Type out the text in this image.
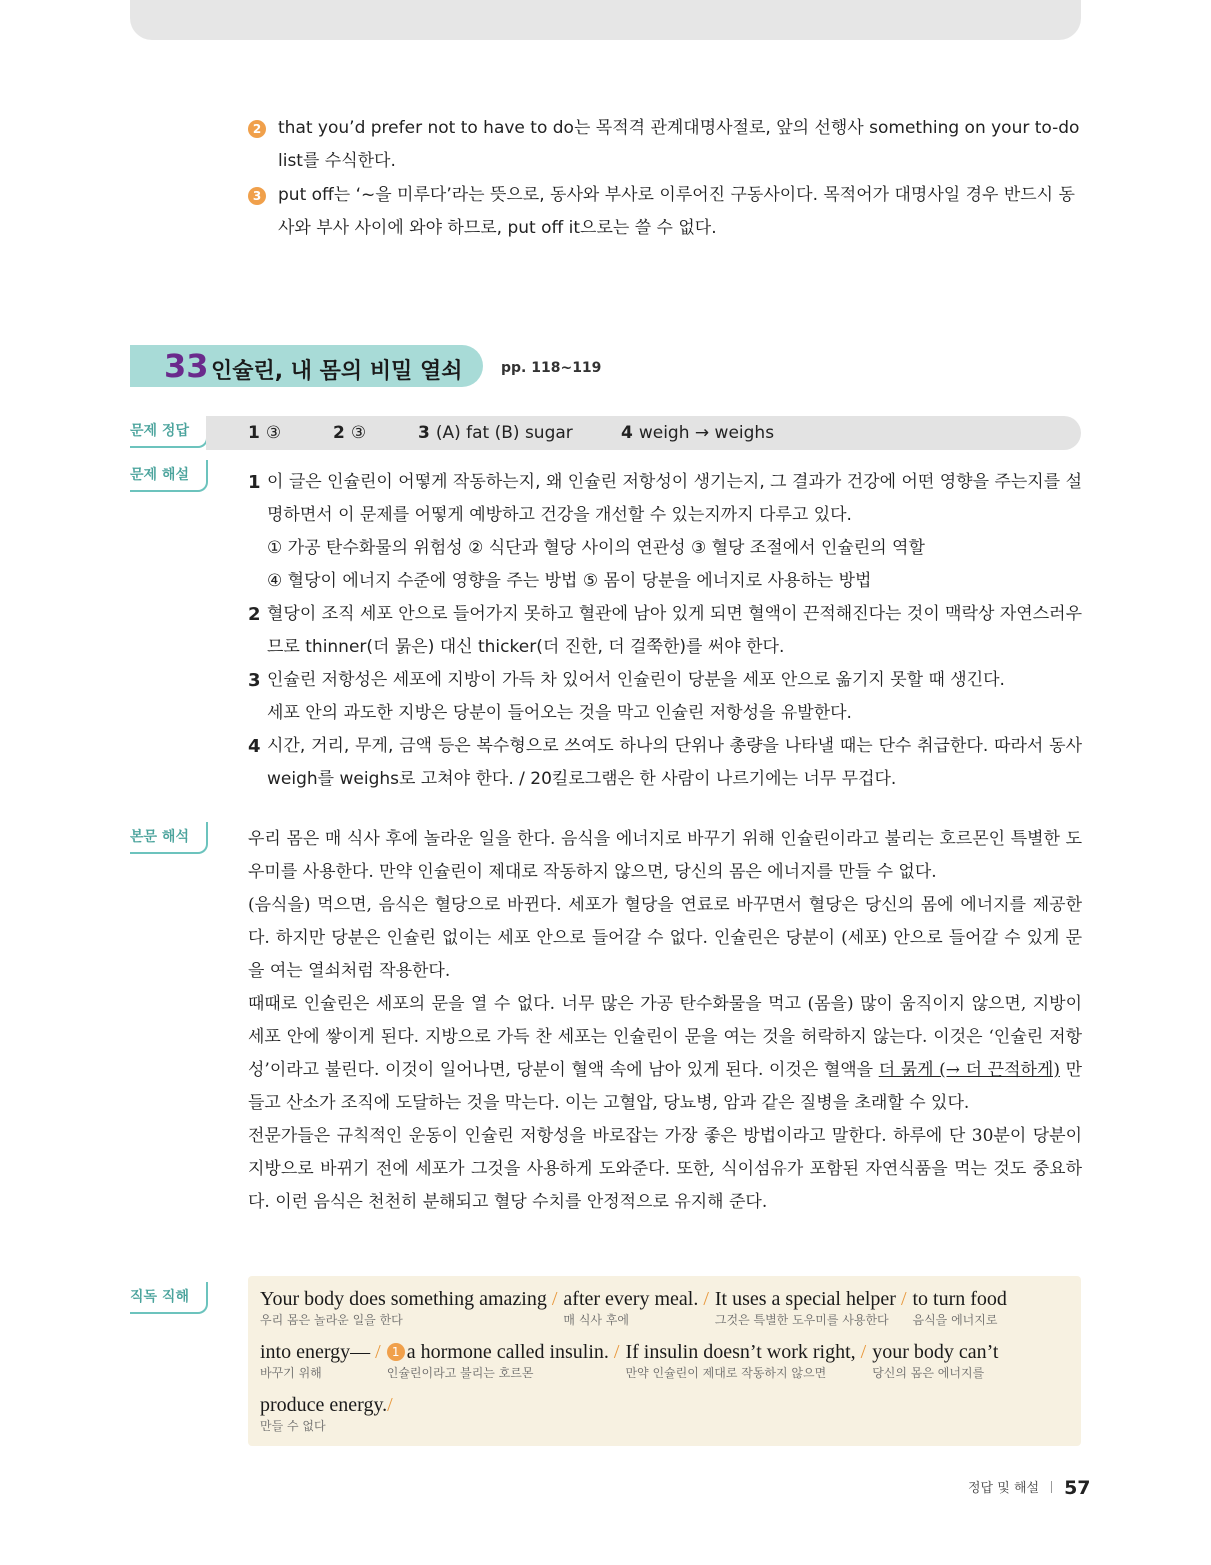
2 that you’d prefer not to have to do는 목적격 관계대명사절로, 앞의 선행사 something on your to-do list를 수식한다.
3 put off는 ‘~을 미루다’라는 뜻으로, 동사와 부사로 이루어진 구동사이다. 목적어가 대명사일 경우 반드시 동사와 부사 사이에 와야 하므로, put off it으로는 쓸 수 없다.
33 인슐린, 내 몸의 비밀 열쇠	pp. 118~119
문제 정답	1 ③	2 ③	3 (A) fat (B) sugar	4 weigh → weighs
문제 해설	1 이 글은 인슐린이 어떻게 작동하는지, 왜 인슐린 저항성이 생기는지, 그 결과가 건강에 어떤 영향을 주는지를 설명하면서 이 문제를 어떻게 예방하고 건강을 개선할 수 있는지까지 다루고 있다.
① 가공 탄수화물의 위험성 ② 식단과 혈당 사이의 연관성 ③ 혈당 조절에서 인슐린의 역할
④ 혈당이 에너지 수준에 영향을 주는 방법 ⑤ 몸이 당분을 에너지로 사용하는 방법
2 혈당이 조직 세포 안으로 들어가지 못하고 혈관에 남아 있게 되면 혈액이 끈적해진다는 것이 맥락상 자연스러우므로 thinner(더 묽은) 대신 thicker(더 진한, 더 걸쭉한)를 써야 한다.
3 인슐린 저항성은 세포에 지방이 가득 차 있어서 인슐린이 당분을 세포 안으로 옮기지 못할 때 생긴다.
세포 안의 과도한 지방은 당분이 들어오는 것을 막고 인슐린 저항성을 유발한다.
4 시간, 거리, 무게, 금액 등은 복수형으로 쓰여도 하나의 단위나 총량을 나타낼 때는 단수 취급한다. 따라서 동사 weigh를 weighs로 고쳐야 한다. / 20킬로그램은 한 사람이 나르기에는 너무 무겁다.
본문 해석	우리 몸은 매 식사 후에 놀라운 일을 한다. 음식을 에너지로 바꾸기 위해 인슐린이라고 불리는 호르몬인 특별한 도우미를 사용한다. 만약 인슐린이 제대로 작동하지 않으면, 당신의 몸은 에너지를 만들 수 없다.

(음식을) 먹으면, 음식은 혈당으로 바뀐다. 세포가 혈당을 연료로 바꾸면서 혈당은 당신의 몸에 에너지를 제공한다. 하지만 당분은 인슐린 없이는 세포 안으로 들어갈 수 없다. 인슐린은 당분이 (세포) 안으로 들어갈 수 있게 문을 여는 열쇠처럼 작용한다.

때때로 인슐린은 세포의 문을 열 수 없다. 너무 많은 가공 탄수화물을 먹고 (몸을) 많이 움직이지 않으면, 지방이 세포 안에 쌓이게 된다. 지방으로 가득 찬 세포는 인슐린이 문을 여는 것을 허락하지 않는다. 이것은 ‘인슐린 저항성’이라고 불린다. 이것이 일어나면, 당분이 혈액 속에 남아 있게 된다. 이것은 혈액을 더 묽게 (→ 더 끈적하게) 만들고 산소가 조직에 도달하는 것을 막는다. 이는 고혈압, 당뇨병, 암과 같은 질병을 초래할 수 있다.

전문가들은 규칙적인 운동이 인슐린 저항성을 바로잡는 가장 좋은 방법이라고 말한다. 하루에 단 30분이 당분이 지방으로 바뀌기 전에 세포가 그것을 사용하게 도와준다. 또한, 식이섬유가 포함된 자연식품을 먹는 것도 중요하다. 이런 음식은 천천히 분해되고 혈당 수치를 안정적으로 유지해 준다.

직독 직해	Your body does something amazing /
우리 몸은 놀라운 일을 한다
after every meal. /
매 식사 후에
It uses a special helper /
그것은 특별한 도우미를 사용한다
to turn food
음식을 에너지로
into energy— /
바꾸기 위해
1 a hormone called insulin. /
인슐린이라고 불리는 호르몬
If insulin doesn’t work right, /
만약 인슐린이 제대로 작동하지 않으면
your body can’t
당신의 몸은 에너지를
produce energy./
만들 수 없다
정답 및 해설 57
